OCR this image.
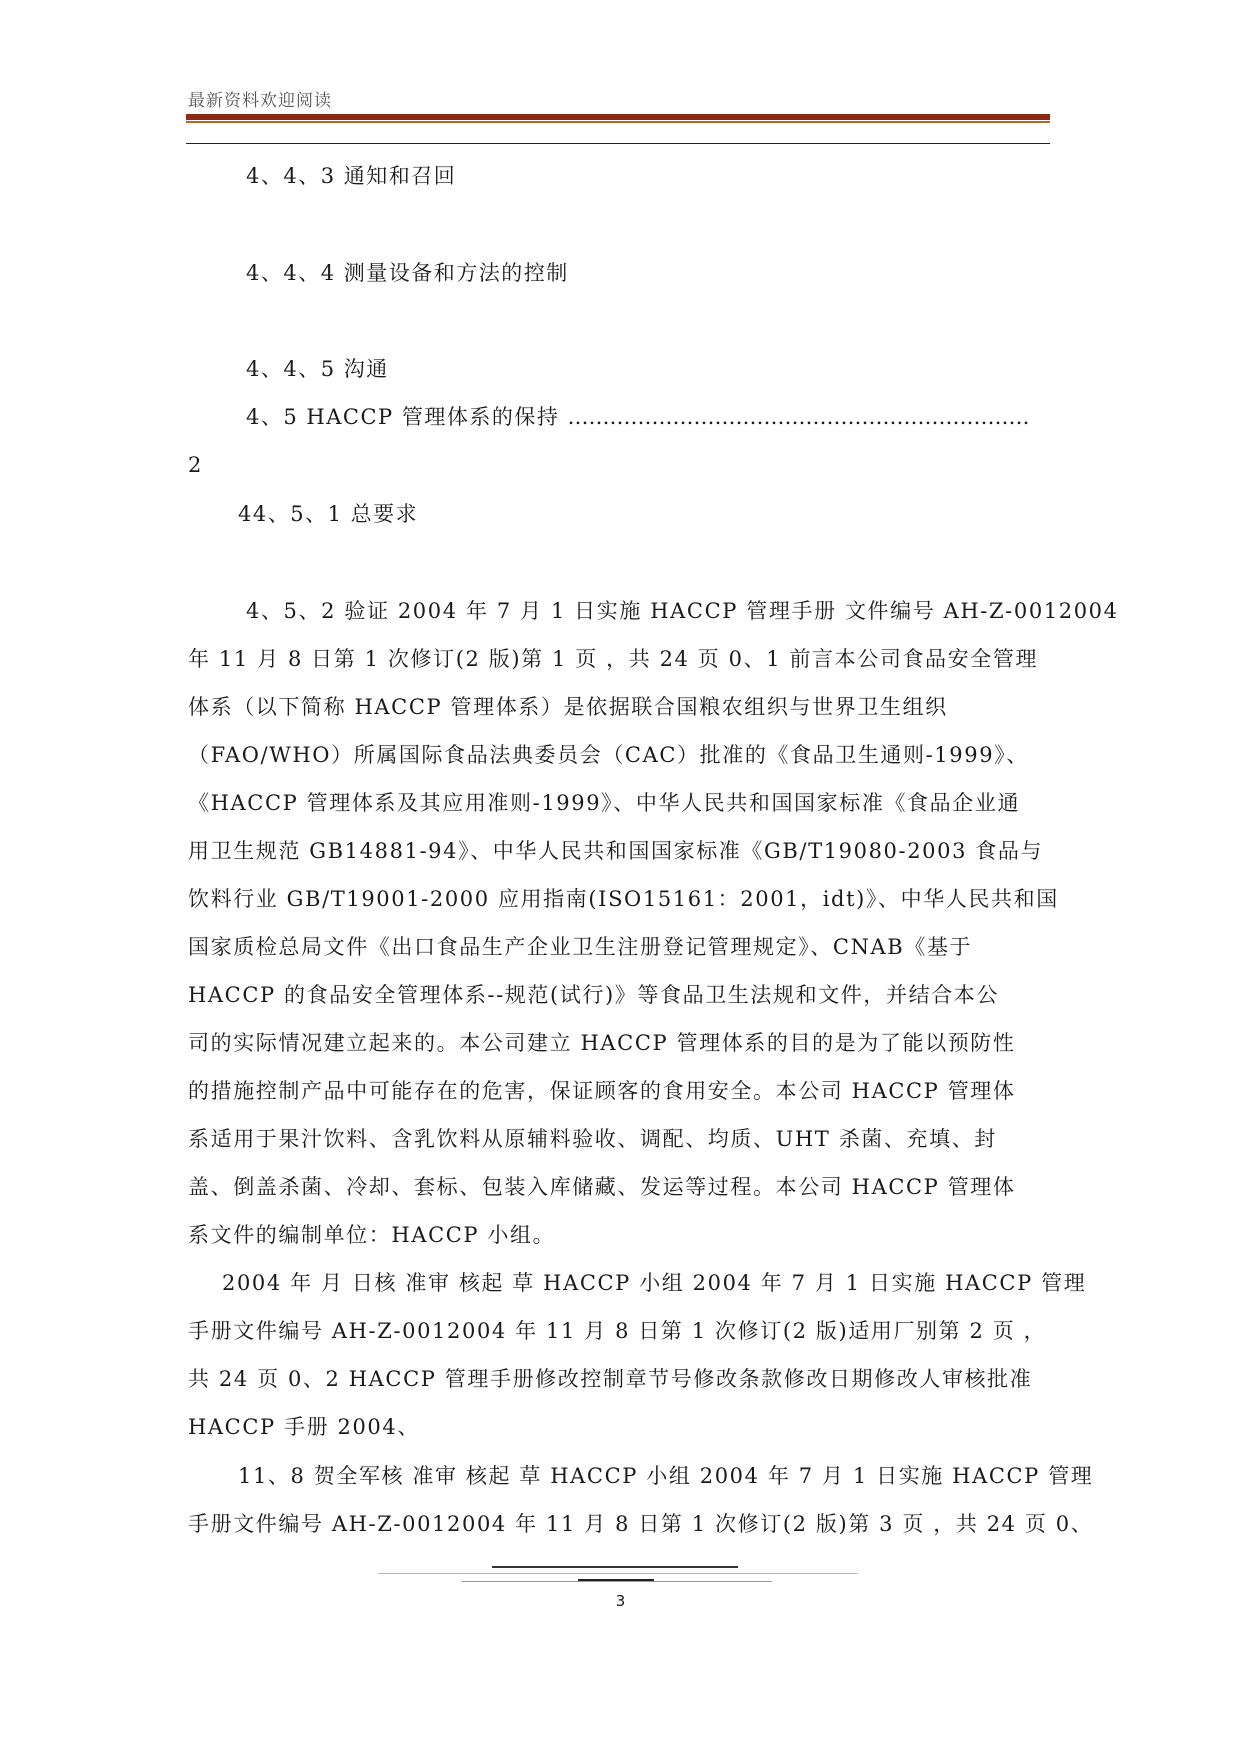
最新资料欢迎阅读
4、4、3 通知和召回
4、4、4 测量设备和方法的控制
4、4、5 沟通
4、5 HACCP 管理体系的保持 …………………………………………………………
2
44、5、1 总要求
4、5、2 验证 2004 年 7 月 1 日实施 HACCP 管理手册 文件编号 AH-Z-0012004
年 11 月 8 日第 1 次修订(2 版)第 1 页 ，共 24 页 0、1 前言本公司食品安全管理
体系（以下简称 HACCP 管理体系）是依据联合国粮农组织与世界卫生组织
（FAO/WHO）所属国际食品法典委员会（CAC）批准的《食品卫生通则-1999》、
《HACCP 管理体系及其应用准则-1999》、中华人民共和国国家标准《食品企业通
用卫生规范 GB14881-94》、中华人民共和国国家标准《GB/T19080-2003 食品与
饮料行业 GB/T19001-2000 应用指南(ISO15161：2001，idt)》、中华人民共和国
国家质检总局文件《出口食品生产企业卫生注册登记管理规定》、CNAB《基于
HACCP 的食品安全管理体系--规范(试行)》等食品卫生法规和文件，并结合本公
司的实际情况建立起来的。本公司建立 HACCP 管理体系的目的是为了能以预防性
的措施控制产品中可能存在的危害，保证顾客的食用安全。本公司 HACCP 管理体
系适用于果汁饮料、含乳饮料从原辅料验收、调配、均质、UHT 杀菌、充填、封
盖、倒盖杀菌、冷却、套标、包装入库储藏、发运等过程。本公司 HACCP 管理体
系文件的编制单位：HACCP 小组。
2004 年 月 日核 准审 核起 草 HACCP 小组 2004 年 7 月 1 日实施 HACCP 管理
手册文件编号 AH-Z-0012004 年 11 月 8 日第 1 次修订(2 版)适用厂别第 2 页 ，
共 24 页 0、2 HACCP 管理手册修改控制章节号修改条款修改日期修改人审核批准
HACCP 手册 2004、
11、8 贺全军核 准审 核起 草 HACCP 小组 2004 年 7 月 1 日实施 HACCP 管理
手册文件编号 AH-Z-0012004 年 11 月 8 日第 1 次修订(2 版)第 3 页 ，共 24 页 0、
3
